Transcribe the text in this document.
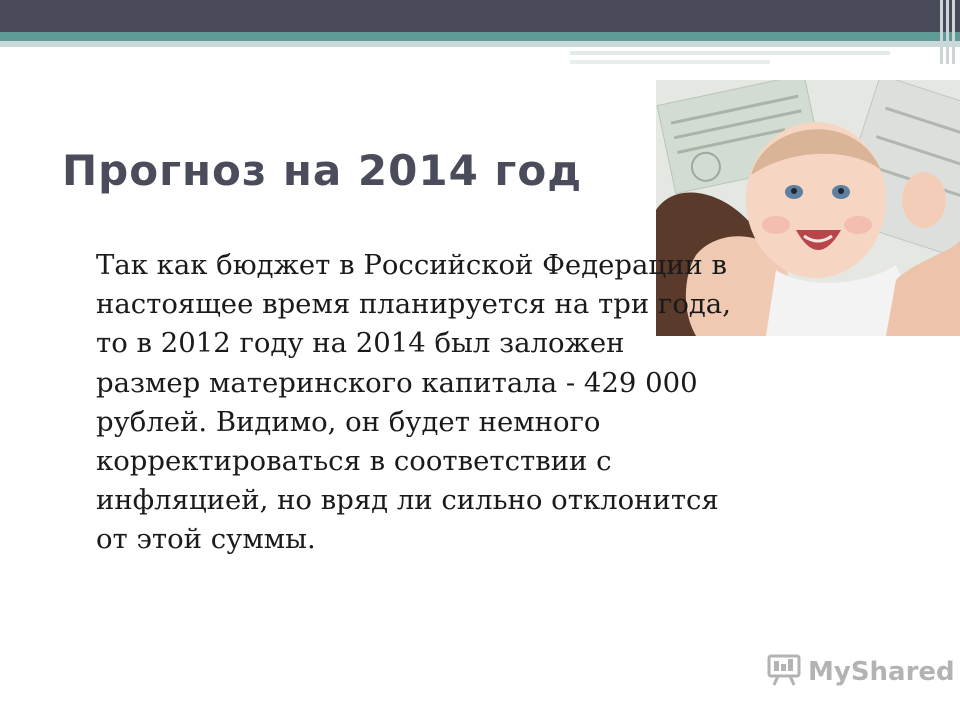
Прогноз на 2014 год

Так как бюджет в Российской Федерации в настоящее время планируется на три года, то в 2012 году на 2014 был заложен размер материнского капитала - 429 000 рублей. Видимо, он будет немного корректироваться в соответствии с инфляцией, но вряд ли сильно отклонится от этой суммы.

MyShared
